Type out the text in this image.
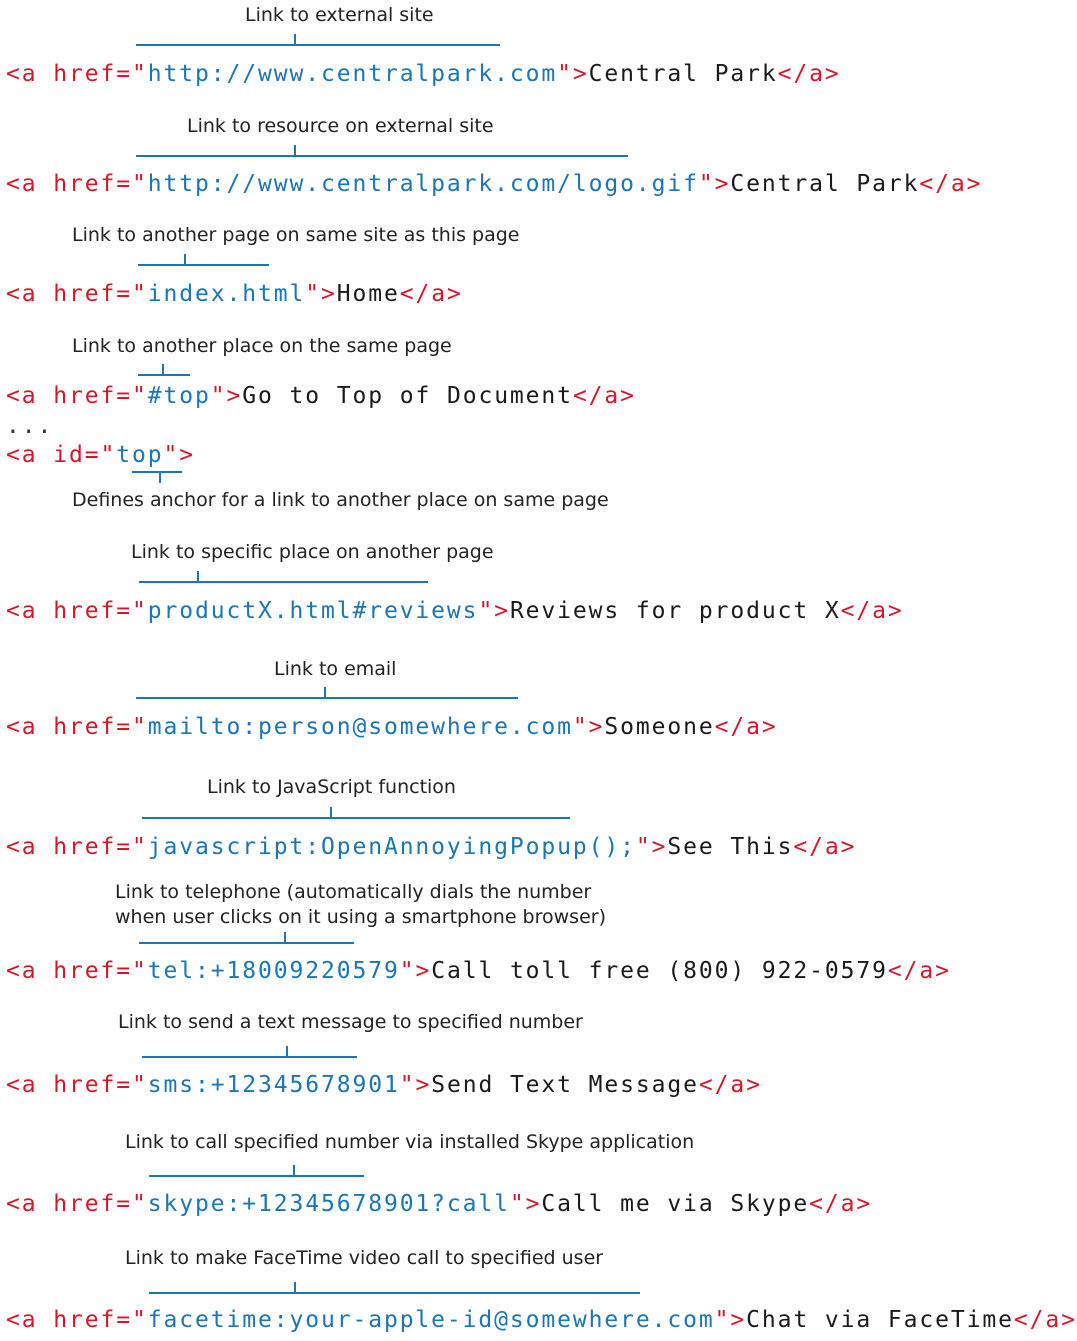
Link to external site
<a href="http://www.centralpark.com">Central Park</a>
Link to resource on external site
<a href="http://www.centralpark.com/logo.gif">Central Park</a>
Link to another page on same site as this page
<a href="index.html">Home</a>
Link to another place on the same page
<a href="#top">Go to Top of Document</a>
...
<a id="top">
Defines anchor for a link to another place on same page
Link to specific place on another page
<a href="productX.html#reviews">Reviews for product X</a>
Link to email
<a href="mailto:person@somewhere.com">Someone</a>
Link to JavaScript function
<a href="javascript:OpenAnnoyingPopup();">See This</a>
Link to telephone (automatically dials the number
when user clicks on it using a smartphone browser)
<a href="tel:+18009220579">Call toll free (800) 922-0579</a>
Link to send a text message to specified number
<a href="sms:+12345678901">Send Text Message</a>
Link to call specified number via installed Skype application
<a href="skype:+12345678901?call">Call me via Skype</a>
Link to make FaceTime video call to specified user
<a href="facetime:your-apple-id@somewhere.com">Chat via FaceTime</a>
